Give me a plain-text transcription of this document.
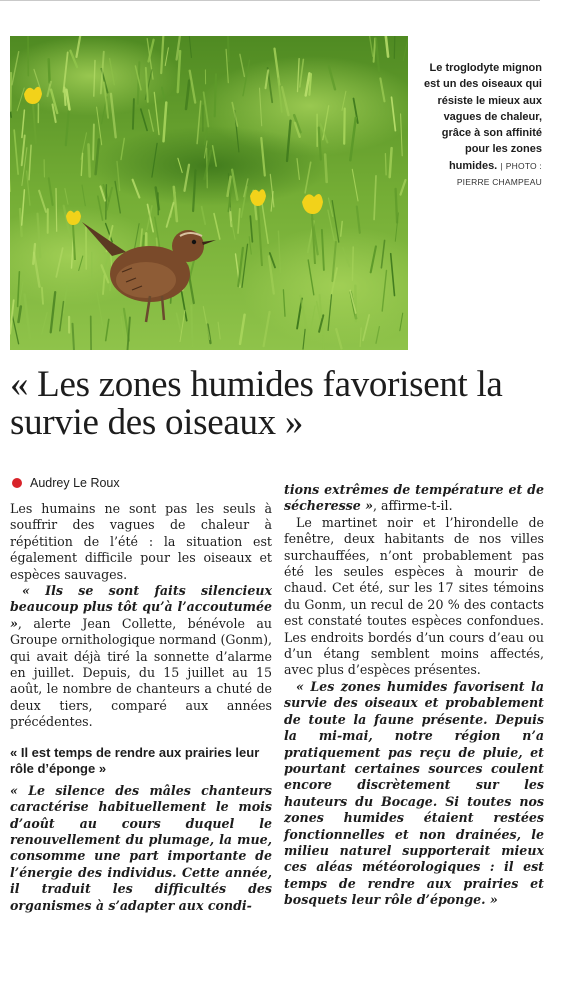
Le troglodyte mignon est un des oiseaux qui résiste le mieux aux vagues de chaleur, grâce à son affinité pour les zones humides. | PHOTO : PIERRE CHAMPEAU
« Les zones humides favorisent la survie des oiseaux »
Audrey Le Roux

Les humains ne sont pas les seuls à souffrir des vagues de chaleur à répétition de l’été : la situation est également difficile pour les oiseaux et espèces sauvages.

« Ils se sont faits silencieux beaucoup plus tôt qu’à l’accoutumée », alerte Jean Collette, bénévole au Groupe ornithologique normand (Gonm), qui avait déjà tiré la sonnette d’alarme en juillet. Depuis, du 15 juillet au 15 août, le nombre de chanteurs a chuté de deux tiers, comparé aux années précédentes.

« Il est temps de rendre aux prairies leur rôle d’éponge »

« Le silence des mâles chanteurs caractérise habituellement le mois d’août au cours duquel le renouvellement du plumage, la mue, consomme une part importante de l’énergie des individus. Cette année, il traduit les difficultés des organismes à s’adapter aux condi-

tions extrêmes de température et de sécheresse », affirme-t-il.

Le martinet noir et l’hirondelle de fenêtre, deux habitants de nos villes surchauffées, n’ont probablement pas été les seules espèces à mourir de chaud. Cet été, sur les 17 sites témoins du Gonm, un recul de 20 % des contacts est constaté toutes espèces confondues. Les endroits bordés d’un cours d’eau ou d’un étang semblent moins affectés, avec plus d’espèces présentes.

« Les zones humides favorisent la survie des oiseaux et probablement de toute la faune présente. Depuis la mi-mai, notre région n’a pratiquement pas reçu de pluie, et pourtant certaines sources coulent encore discrètement sur les hauteurs du Bocage. Si toutes nos zones humides étaient restées fonctionnelles et non drainées, le milieu naturel supporterait mieux ces aléas météorologiques : il est temps de rendre aux prairies et bosquets leur rôle d’éponge. »
